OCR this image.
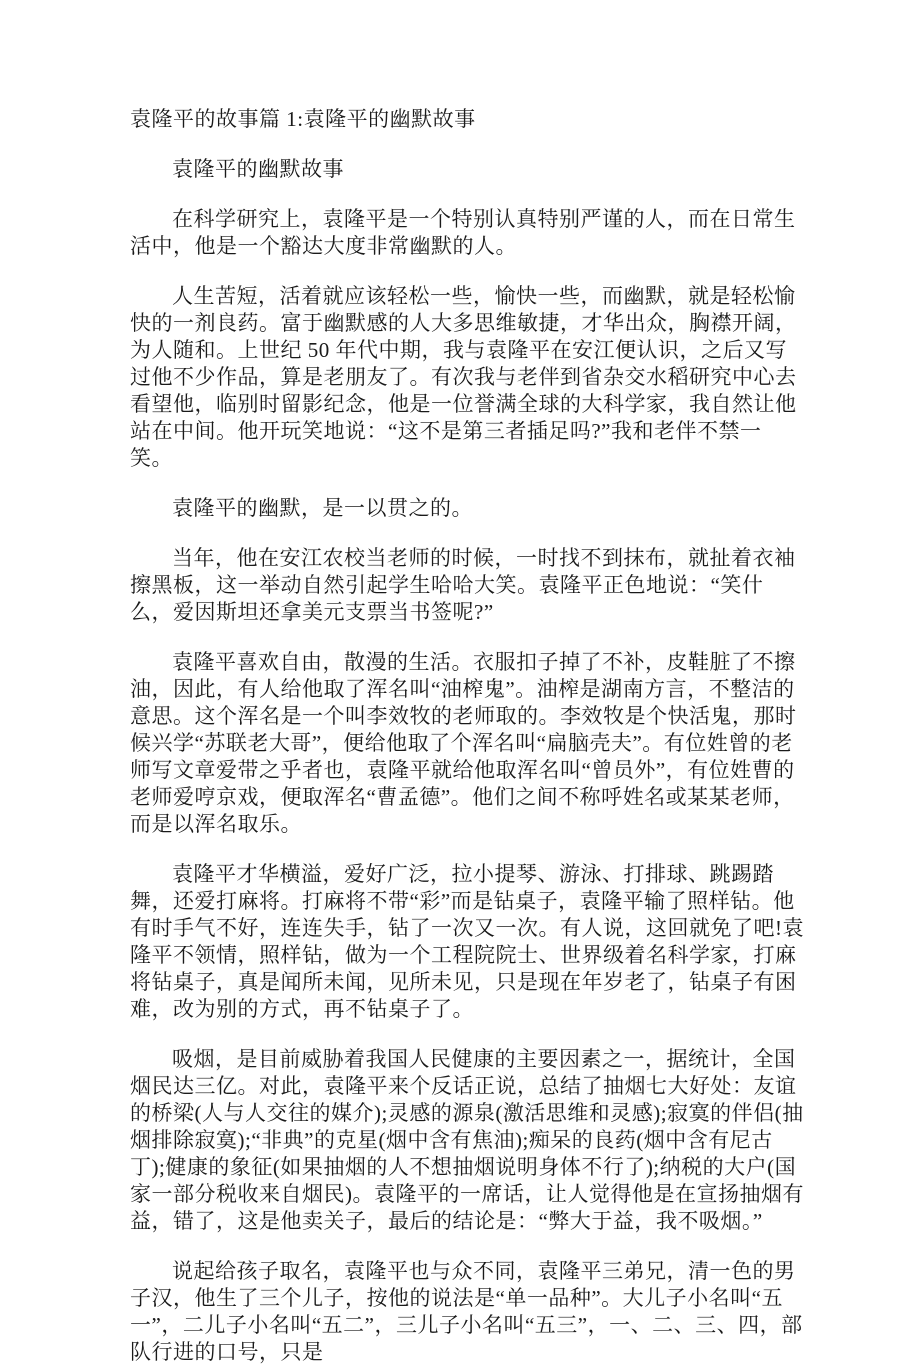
袁隆平的故事篇 1:袁隆平的幽默故事

袁隆平的幽默故事

在科学研究上，袁隆平是一个特别认真特别严谨的人，而在日常生活中，他是一个豁达大度非常幽默的人。

人生苦短，活着就应该轻松一些，愉快一些，而幽默，就是轻松愉快的一剂良药。富于幽默感的人大多思维敏捷，才华出众，胸襟开阔，为人随和。上世纪 50 年代中期，我与袁隆平在安江便认识，之后又写过他不少作品，算是老朋友了。有次我与老伴到省杂交水稻研究中心去看望他，临别时留影纪念，他是一位誉满全球的大科学家，我自然让他站在中间。他开玩笑地说：“这不是第三者插足吗?”我和老伴不禁一笑。

袁隆平的幽默，是一以贯之的。

当年，他在安江农校当老师的时候，一时找不到抹布，就扯着衣袖擦黑板，这一举动自然引起学生哈哈大笑。袁隆平正色地说：“笑什么，爱因斯坦还拿美元支票当书签呢?”

袁隆平喜欢自由，散漫的生活。衣服扣子掉了不补，皮鞋脏了不擦油，因此，有人给他取了浑名叫“油榨鬼”。油榨是湖南方言，不整洁的意思。这个浑名是一个叫李效牧的老师取的。李效牧是个快活鬼，那时候兴学“苏联老大哥”，便给他取了个浑名叫“扁脑壳夫”。有位姓曾的老师写文章爱带之乎者也，袁隆平就给他取浑名叫“曾员外”，有位姓曹的老师爱哼京戏，便取浑名“曹孟德”。他们之间不称呼姓名或某某老师，而是以浑名取乐。

袁隆平才华横溢，爱好广泛，拉小提琴、游泳、打排球、跳踢踏舞，还爱打麻将。打麻将不带“彩”而是钻桌子，袁隆平输了照样钻。他有时手气不好，连连失手，钻了一次又一次。有人说，这回就免了吧!袁隆平不领情，照样钻，做为一个工程院院士、世界级着名科学家，打麻将钻桌子，真是闻所未闻，见所未见，只是现在年岁老了，钻桌子有困难，改为别的方式，再不钻桌子了。

吸烟，是目前威胁着我国人民健康的主要因素之一，据统计，全国烟民达三亿。对此，袁隆平来个反话正说，总结了抽烟七大好处：友谊的桥梁(人与人交往的媒介);灵感的源泉(激活思维和灵感);寂寞的伴侣(抽烟排除寂寞);“非典”的克星(烟中含有焦油);痴呆的良药(烟中含有尼古丁);健康的象征(如果抽烟的人不想抽烟说明身体不行了);纳税的大户(国家一部分税收来自烟民)。袁隆平的一席话，让人觉得他是在宣扬抽烟有益，错了，这是他卖关子，最后的结论是：“弊大于益，我不吸烟。”

说起给孩子取名，袁隆平也与众不同，袁隆平三弟兄，清一色的男子汉，他生了三个儿子，按他的说法是“单一品种”。大儿子小名叫“五一”，二儿子小名叫“五二”，三儿子小名叫“五三”，一、二、三、四，部队行进的口号，只是
